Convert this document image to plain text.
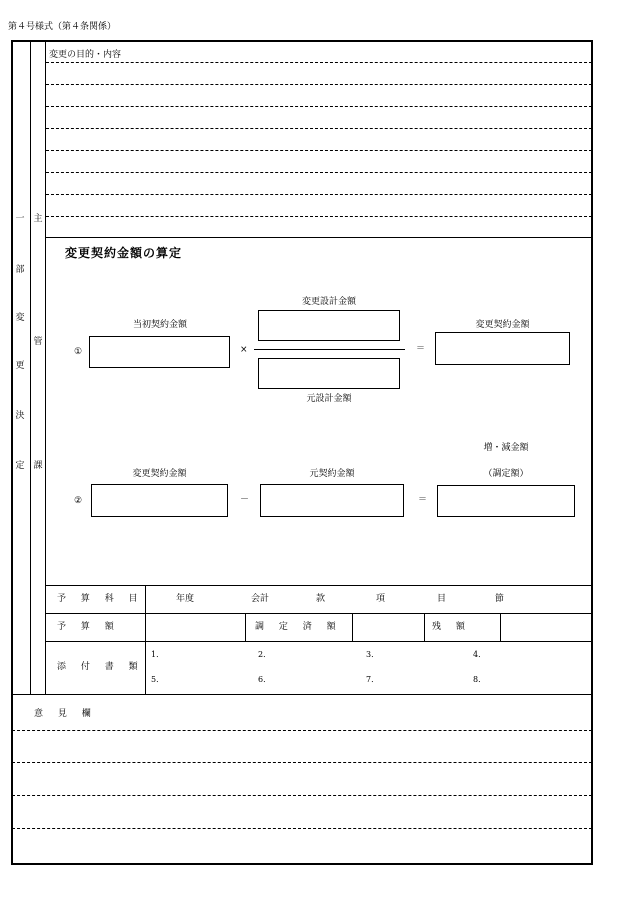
第４号様式（第４条関係）
一
部
変
更
決
定
主
管
課
変更の目的・内容
変更契約金額の算定
当初契約金額
①	×
変更設計金額
元設計金額
＝
変更契約金額
変更契約金額
②	－
元契約金額
＝
増・減金額
（調定額）
予 算 科 目	年度	会計	款	項	目	節
予 算 額	調 定 済 額	残 額
添 付 書 類
1．	2．	3．	4．
5．	6．	7．	8．
意 見 欄
